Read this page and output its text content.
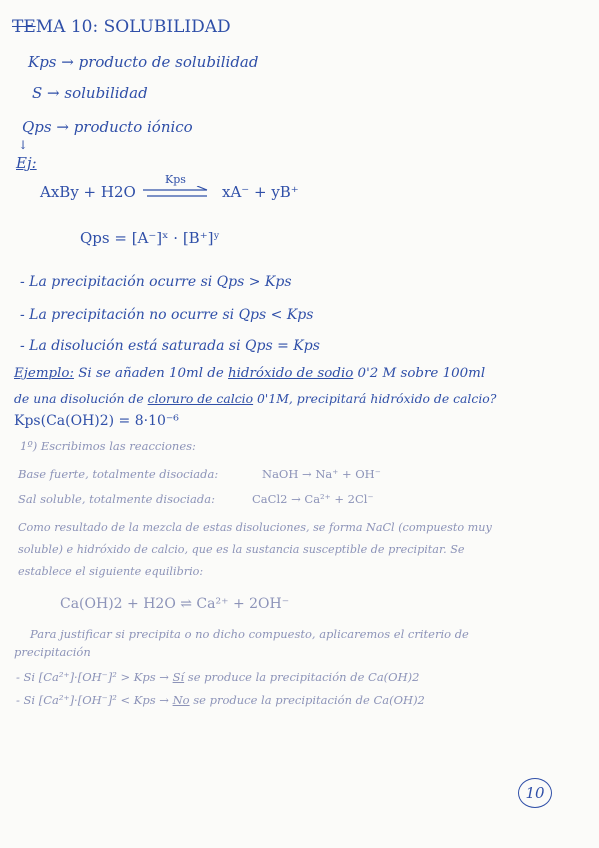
TEMA 10: SOLUBILIDAD
Kps → producto de solubilidad
S → solubilidad
Qps → producto iónico
↓
Ej:
AxBy + H2O
Kps
xA⁻ + yB⁺
Qps = [A⁻]ˣ · [B⁺]ʸ
- La precipitación ocurre si Qps > Kps
- La precipitación no ocurre si Qps < Kps
- La disolución está saturada si Qps = Kps
Ejemplo: Si se añaden 10ml de hidróxido de sodio 0'2 M sobre 100ml
de una disolución de cloruro de calcio 0'1M, precipitará hidróxido de calcio?
Kps(Ca(OH)2) = 8·10⁻⁶
1º) Escribimos las reacciones:
Base fuerte, totalmente disociada:	NaOH → Na⁺ + OH⁻
Sal soluble, totalmente disociada:	CaCl2 → Ca²⁺ + 2Cl⁻
Como resultado de la mezcla de estas disoluciones, se forma NaCl (compuesto muy
soluble) e hidróxido de calcio, que es la sustancia susceptible de precipitar. Se
establece el siguiente equilibrio:
Ca(OH)2 + H2O ⇌ Ca²⁺ + 2OH⁻
Para justificar si precipita o no dicho compuesto, aplicaremos el criterio de
precipitación
- Si [Ca²⁺]·[OH⁻]² > Kps → Sí se produce la precipitación de Ca(OH)2
- Si [Ca²⁺]·[OH⁻]² < Kps → No se produce la precipitación de Ca(OH)2
10
